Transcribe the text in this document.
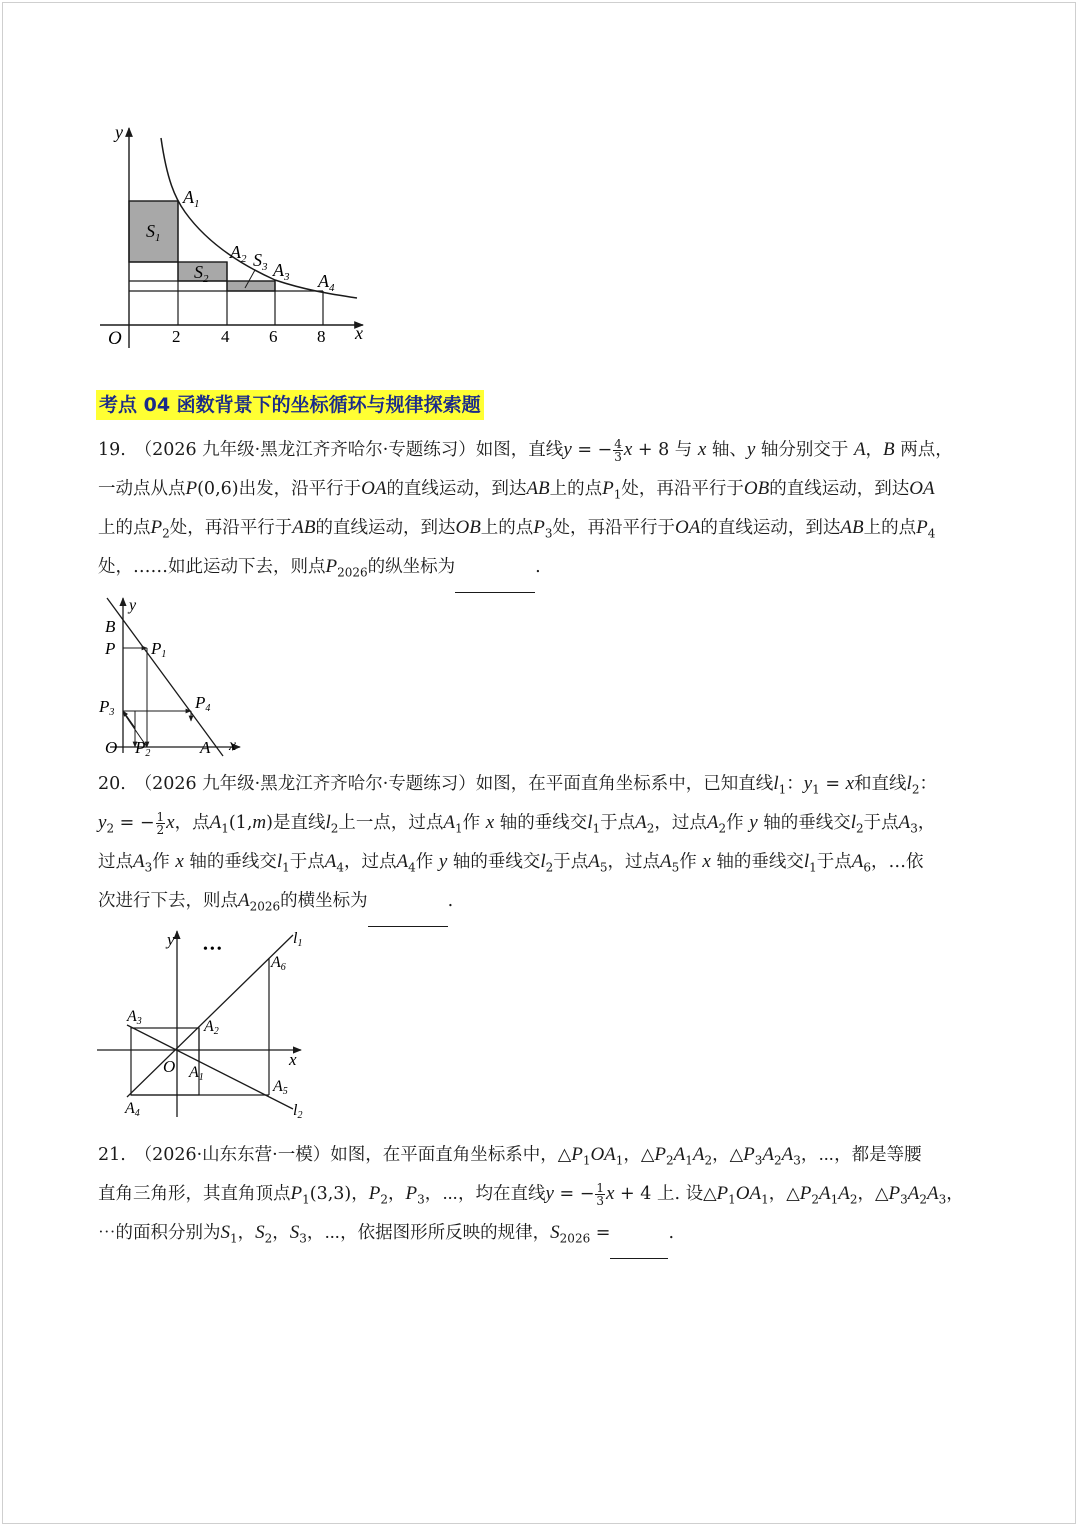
y
x
O	2 4 6 8
$A_1$
$A_2$
$A_3$ $A_4$
$S_1$
$S_2$
$S_3$
考点 04 函数背景下的坐标循环与规律探索题
19.　（2026 九年级·黑龙江齐齐哈尔·专题练习）如图，直线y = − $\frac{4}{3}$ x + 8 与 x 轴、y 轴分别交于 A，B 两点，
一动点从点P(0,6)出发，沿平行于OA的直线运动，到达AB上的点$P_1$处，再沿平行于OB的直线运动，到达OA
上的点$P_2$处，再沿平行于AB的直线运动，到达OB上的点$P_3$处，再沿平行于OA的直线运动，到达AB上的点$P_4$
处，……如此运动下去，则点$P_{2026}$的纵坐标为	.
y
x
B
P P1
P3
P4
O P2	A
20.　（2026 九年级·黑龙江齐齐哈尔·专题练习）如图，在平面直角坐标系中，已知直线$l_1$：$y_1 = x$和直线$l_2$：
$y_2$ = − $\frac{1}{2}$ x，点$A_1(1,m)$是直线$l_2$上一点，过点$A_1$作 x 轴的垂线交$l_1$于点$A_2$，过点$A_2$作 y 轴的垂线交$l_2$于点$A_3$，
过点$A_3$作 x 轴的垂线交$l_1$于点$A_4$，过点$A_4$作 y 轴的垂线交$l_2$于点$A_5$，过点$A_5$作 x 轴的垂线交$l_1$于点$A_6$，…依
次进行下去，则点$A_{2026}$的横坐标为	.
y
x
•••
l1
l2
A6
A3	A2
O A1
A5
A4
21.　（2026·山东东营·一模）如图，在平面直角坐标系中，$\triangle P_1OA_1$，$\triangle P_2A_1A_2$，$\triangle P_3A_2A_3$，⋯，都是等腰
直角三角形，其直角顶点$P_1(3,3)$，$P_2$，$P_3$，⋯，均在直线y = − $\frac{1}{3}$ x + 4 上. 设$\triangle P_1OA_1$，$\triangle P_2A_1A_2$，$\triangle P_3A_2A_3$，
⋯的面积分别为$S_1$，$S_2$，$S_3$，⋯，依据图形所反映的规律，$S_{2026}$ =	.
